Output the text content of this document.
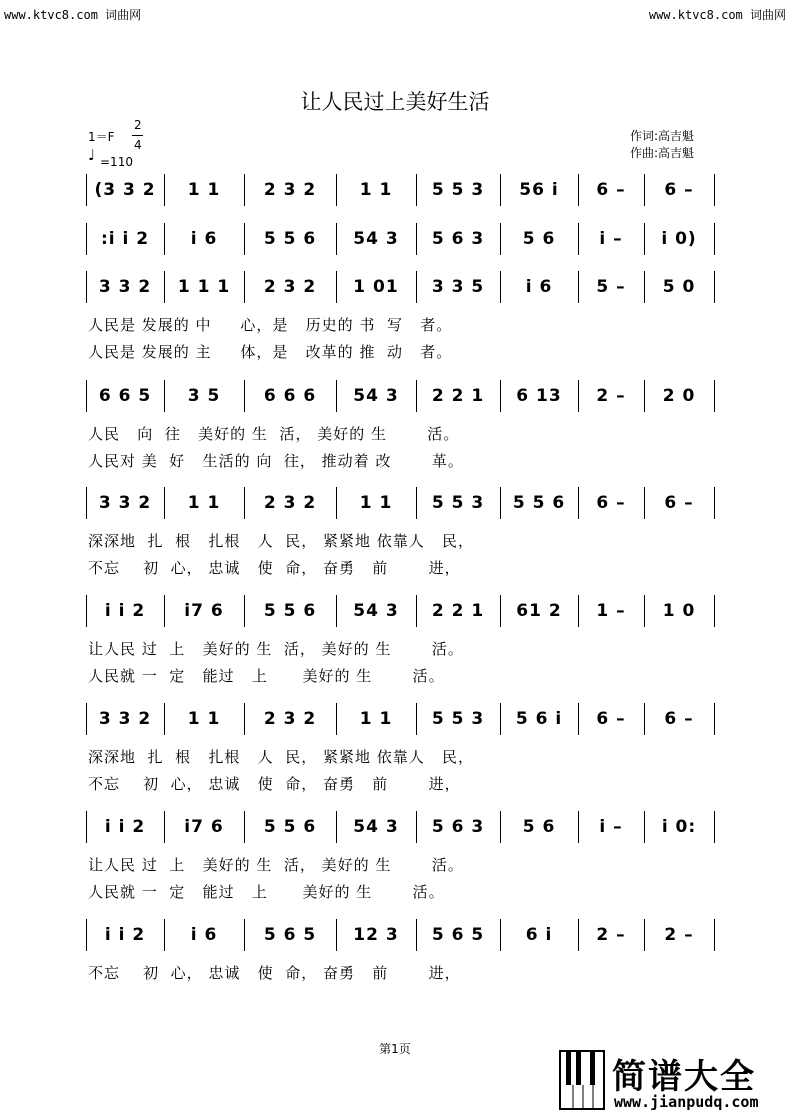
www.ktvc8.com 词曲网	www.ktvc8.com 词曲网
让人民过上美好生活
1＝F
2
4
♩ =110
作词:高吉魁
作曲:高吉魁
(3 3 2 1 1	2 3 2	1 1 5 5 3 56 i 6 – 6 –
:i i 2 i 6	5 5 6 54 3 5 6 3 5 6	i – i 0)
3 3 2 1 1 1 2 3 2 1 01 3 3 5 i 6	5 – 5 0
人民是 发展的 中     心，是   历史的 书  写   者。
人民是 发展的 主     体，是   改革的 推  动   者。
6 6 5 3 5	6 6 6 54 3 2 2 1 6 13 2 – 2 0
人民   向  往   美好的 生  活， 美好的 生       活。
人民对 美  好   生活的 向  往， 推动着 改       革。
3 3 2 1 1	2 3 2	1 1 5 5 3 5 5 6 6 – 6 –
深深地  扎  根   扎根   人  民， 紧紧地 依靠人   民，
不忘    初  心， 忠诚   使  命， 奋勇   前       进，
i i 2 i7 6 5 5 6 54 3 2 2 1 61 2 1 – 1 0
让人民 过  上   美好的 生  活， 美好的 生       活。
人民就 一  定   能过   上      美好的 生       活。
3 3 2 1 1	2 3 2	1 1 5 5 3 5 6 i 6 – 6 –
深深地  扎  根   扎根   人  民， 紧紧地 依靠人   民，
不忘    初  心， 忠诚   使  命， 奋勇   前       进，
i i 2 i7 6 5 5 6 54 3 5 6 3 5 6	i – i 0:
让人民 过  上   美好的 生  活， 美好的 生       活。
人民就 一  定   能过   上      美好的 生       活。
i i 2	i 6	5 6 5 12 3 5 6 5 6 i	2 – 2 –
不忘    初  心， 忠诚   使  命， 奋勇   前       进，
第1页
简谱大全
www.jianpudq.com
